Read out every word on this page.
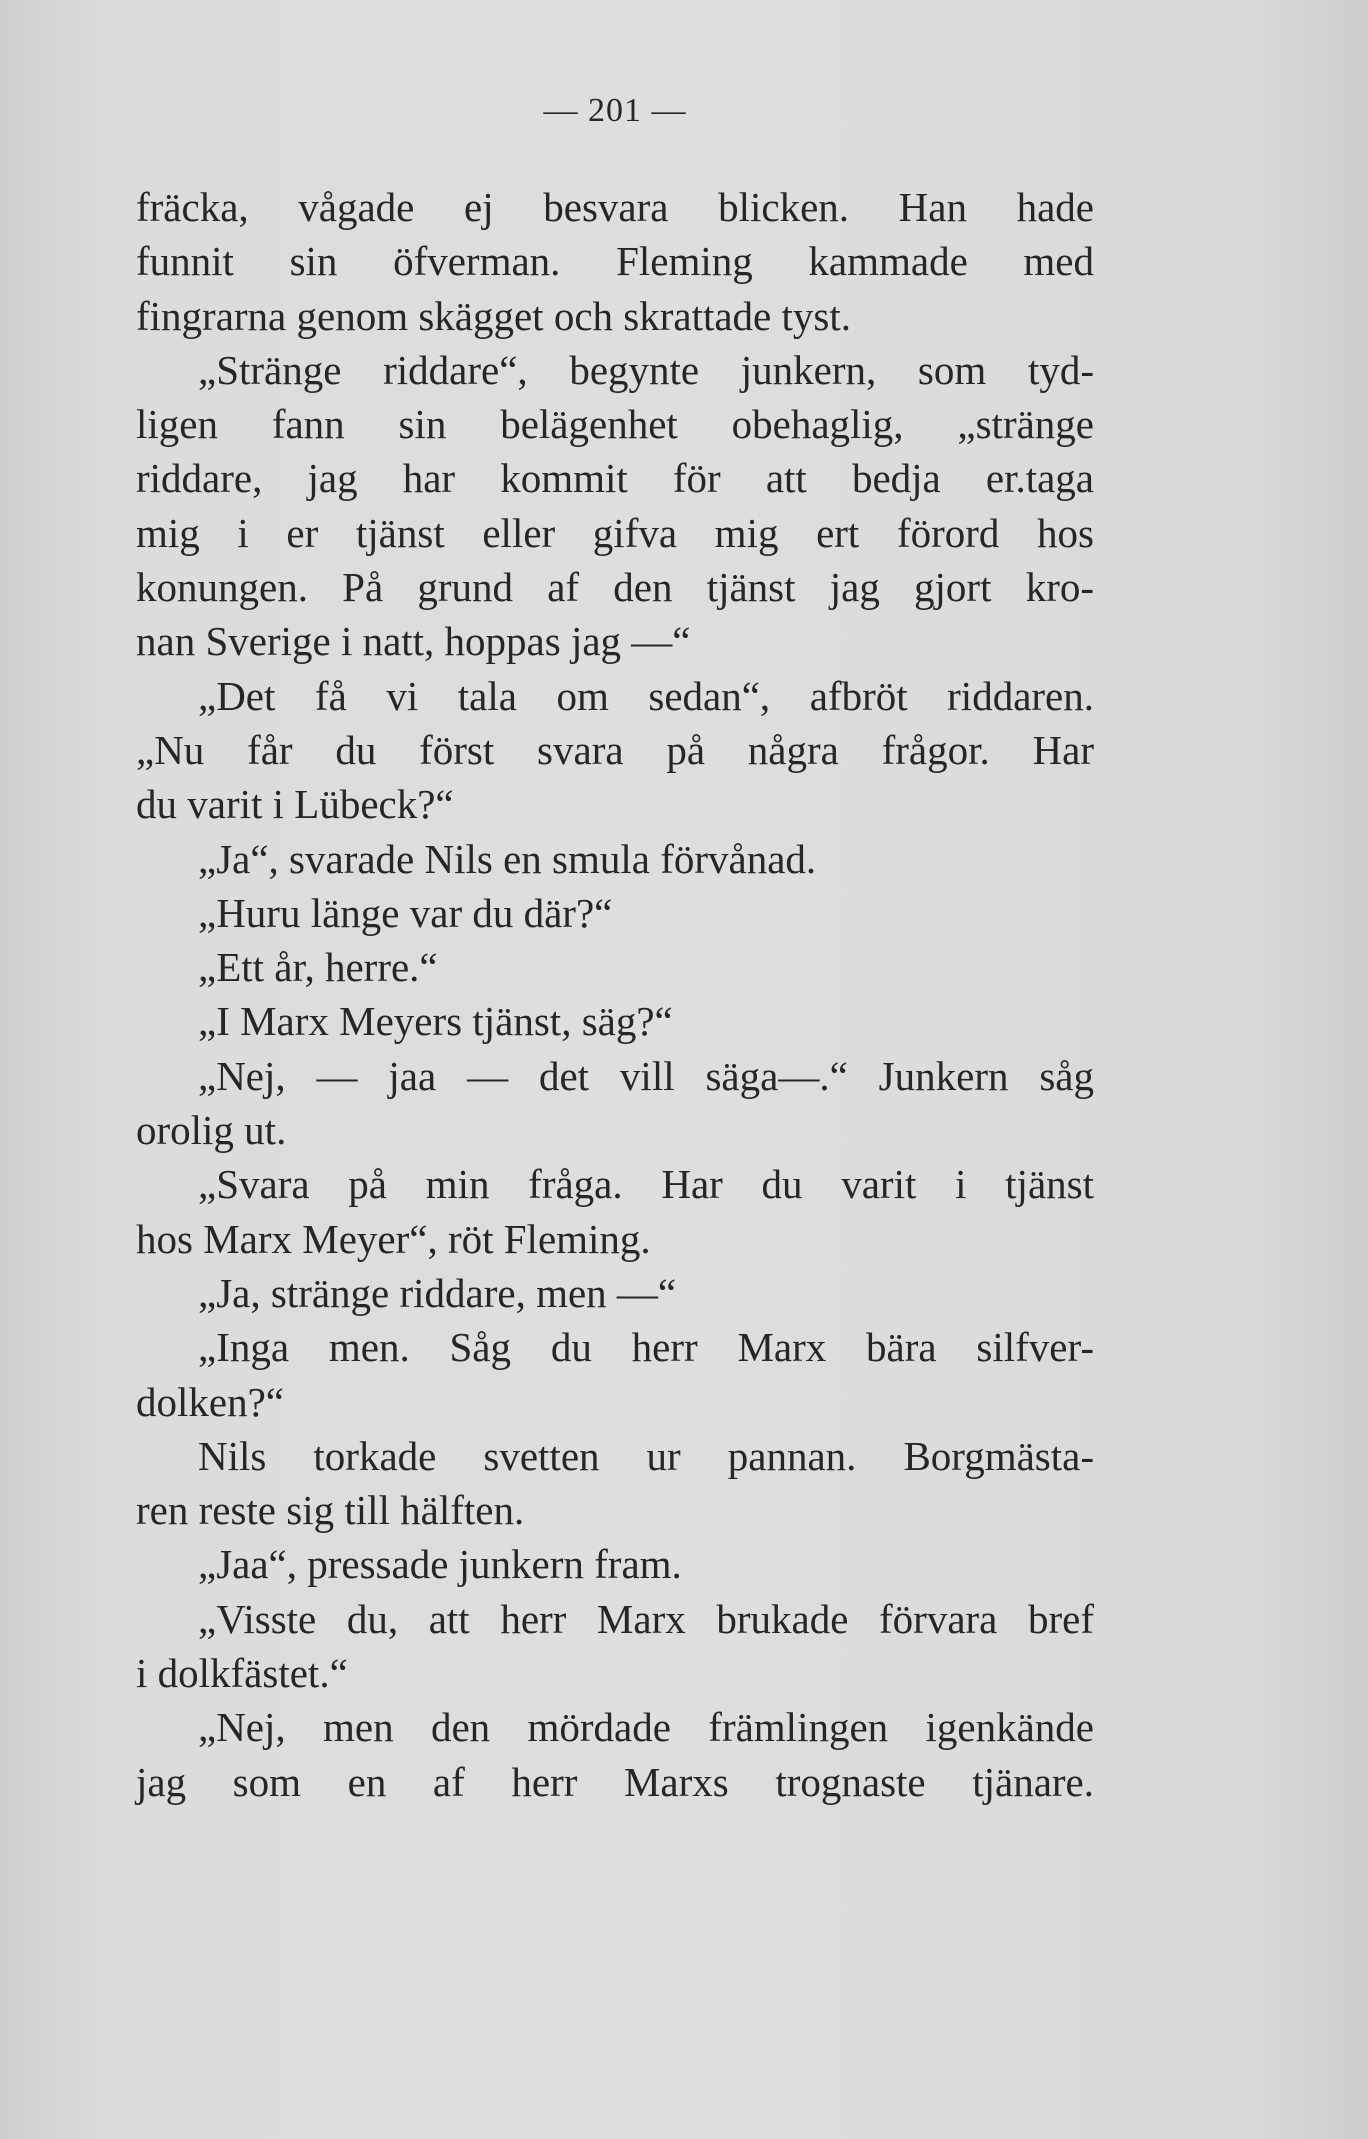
— 201 —
fräcka, vågade ej besvara blicken. Han hade
funnit sin öfverman. Fleming kammade med
fingrarna genom skägget och skrattade tyst.
„Stränge riddare“, begynte junkern, som tyd-
ligen fann sin belägenhet obehaglig, „stränge
riddare, jag har kommit för att bedja er.taga
mig i er tjänst eller gifva mig ert förord hos
konungen. På grund af den tjänst jag gjort kro-
nan Sverige i natt, hoppas jag —“
„Det få vi tala om sedan“, afbröt riddaren.
„Nu får du först svara på några frågor. Har
du varit i Lübeck?“
„Ja“, svarade Nils en smula förvånad.
„Huru länge var du där?“
„Ett år, herre.“
„I Marx Meyers tjänst, säg?“
„Nej, — jaa — det vill säga—.“ Junkern såg
orolig ut.
„Svara på min fråga. Har du varit i tjänst
hos Marx Meyer“, röt Fleming.
„Ja, stränge riddare, men —“
„Inga men. Såg du herr Marx bära silfver-
dolken?“
Nils torkade svetten ur pannan. Borgmästa-
ren reste sig till hälften.
„Jaa“, pressade junkern fram.
„Visste du, att herr Marx brukade förvara bref
i dolkfästet.“
„Nej, men den mördade främlingen igenkände
jag som en af herr Marxs trognaste tjänare.
